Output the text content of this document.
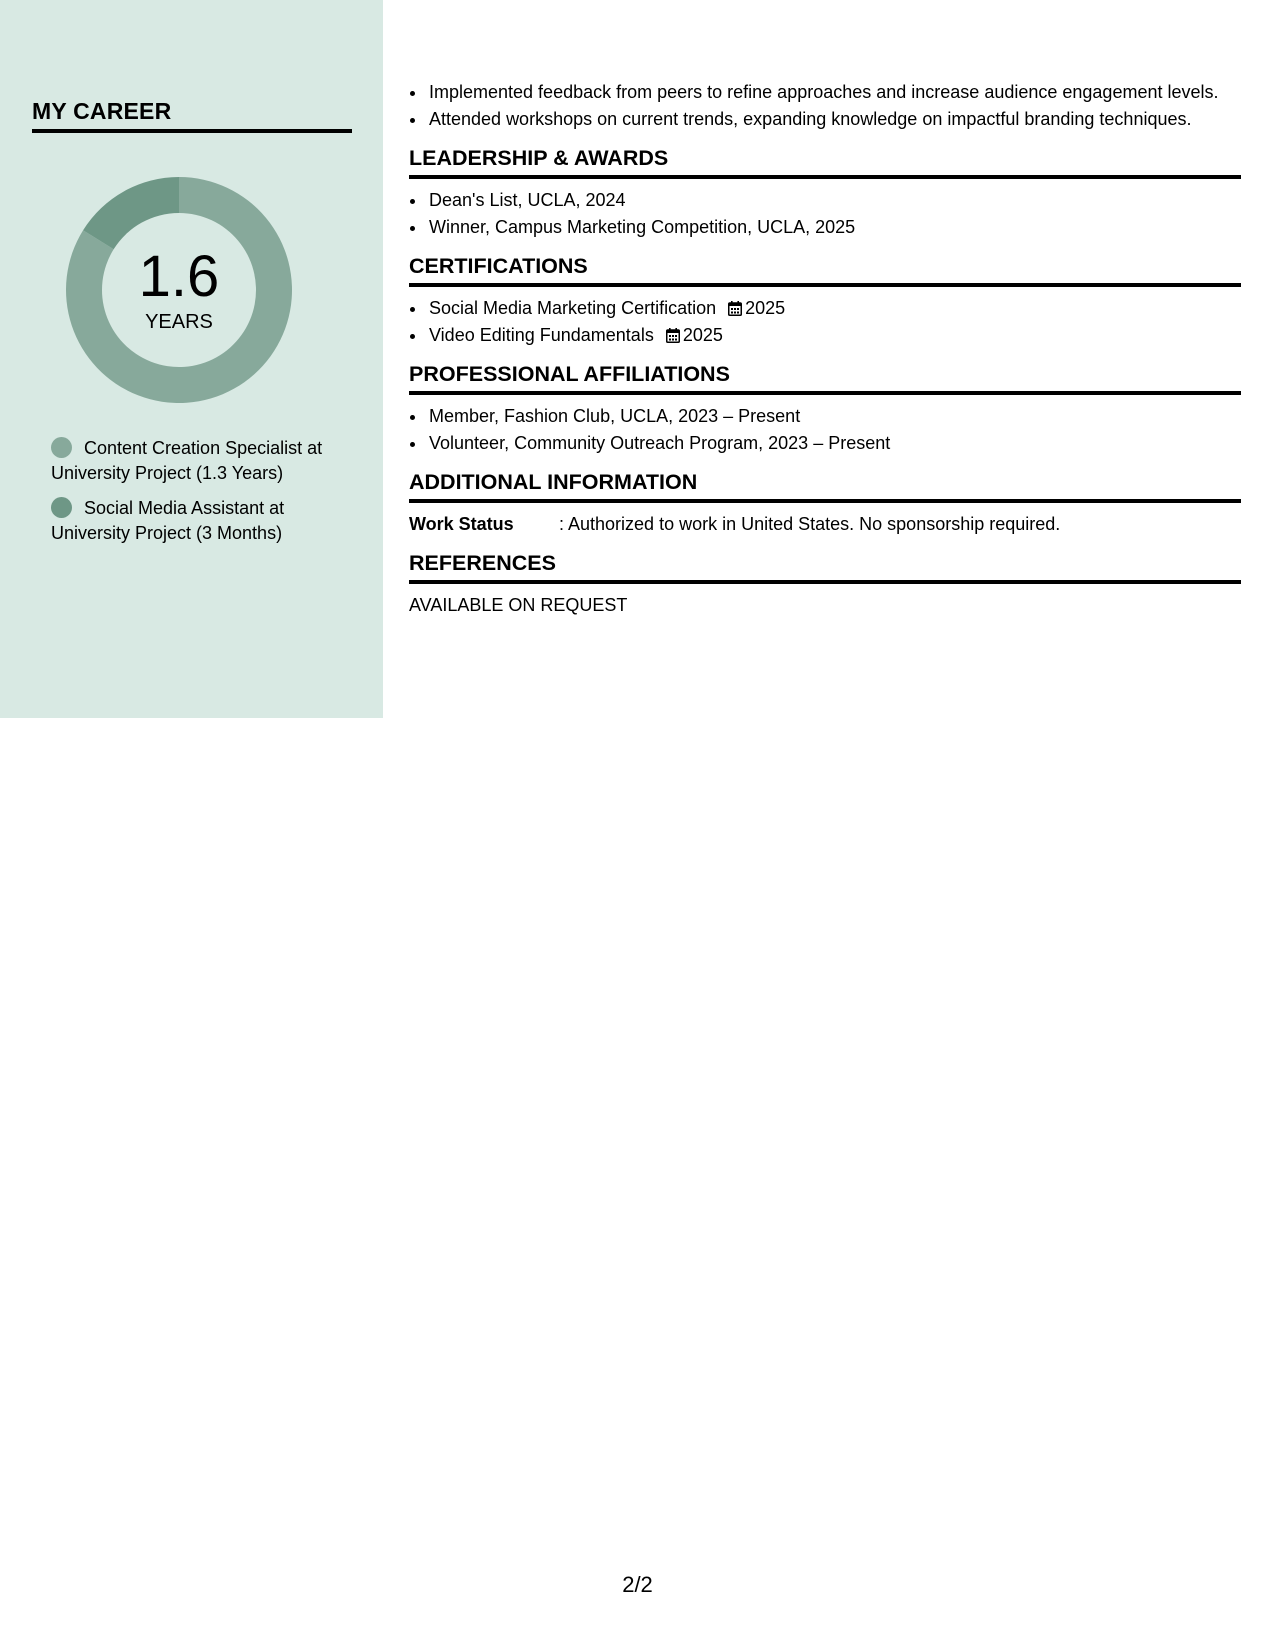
MY CAREER
1.6
YEARS
Content Creation Specialist at University Project (1.3 Years)
Social Media Assistant at University Project (3 Months)
• Implemented feedback from peers to refine approaches and increase audience engagement levels.
• Attended workshops on current trends, expanding knowledge on impactful branding techniques.
LEADERSHIP & AWARDS
• Dean's List, UCLA, 2024
• Winner, Campus Marketing Competition, UCLA, 2025
CERTIFICATIONS
• Social Media Marketing Certification 2025
• Video Editing Fundamentals 2025
PROFESSIONAL AFFILIATIONS
• Member, Fashion Club, UCLA, 2023 – Present
• Volunteer, Community Outreach Program, 2023 – Present
ADDITIONAL INFORMATION
Work Status	: Authorized to work in United States. No sponsorship required.
REFERENCES
AVAILABLE ON REQUEST
2/2
